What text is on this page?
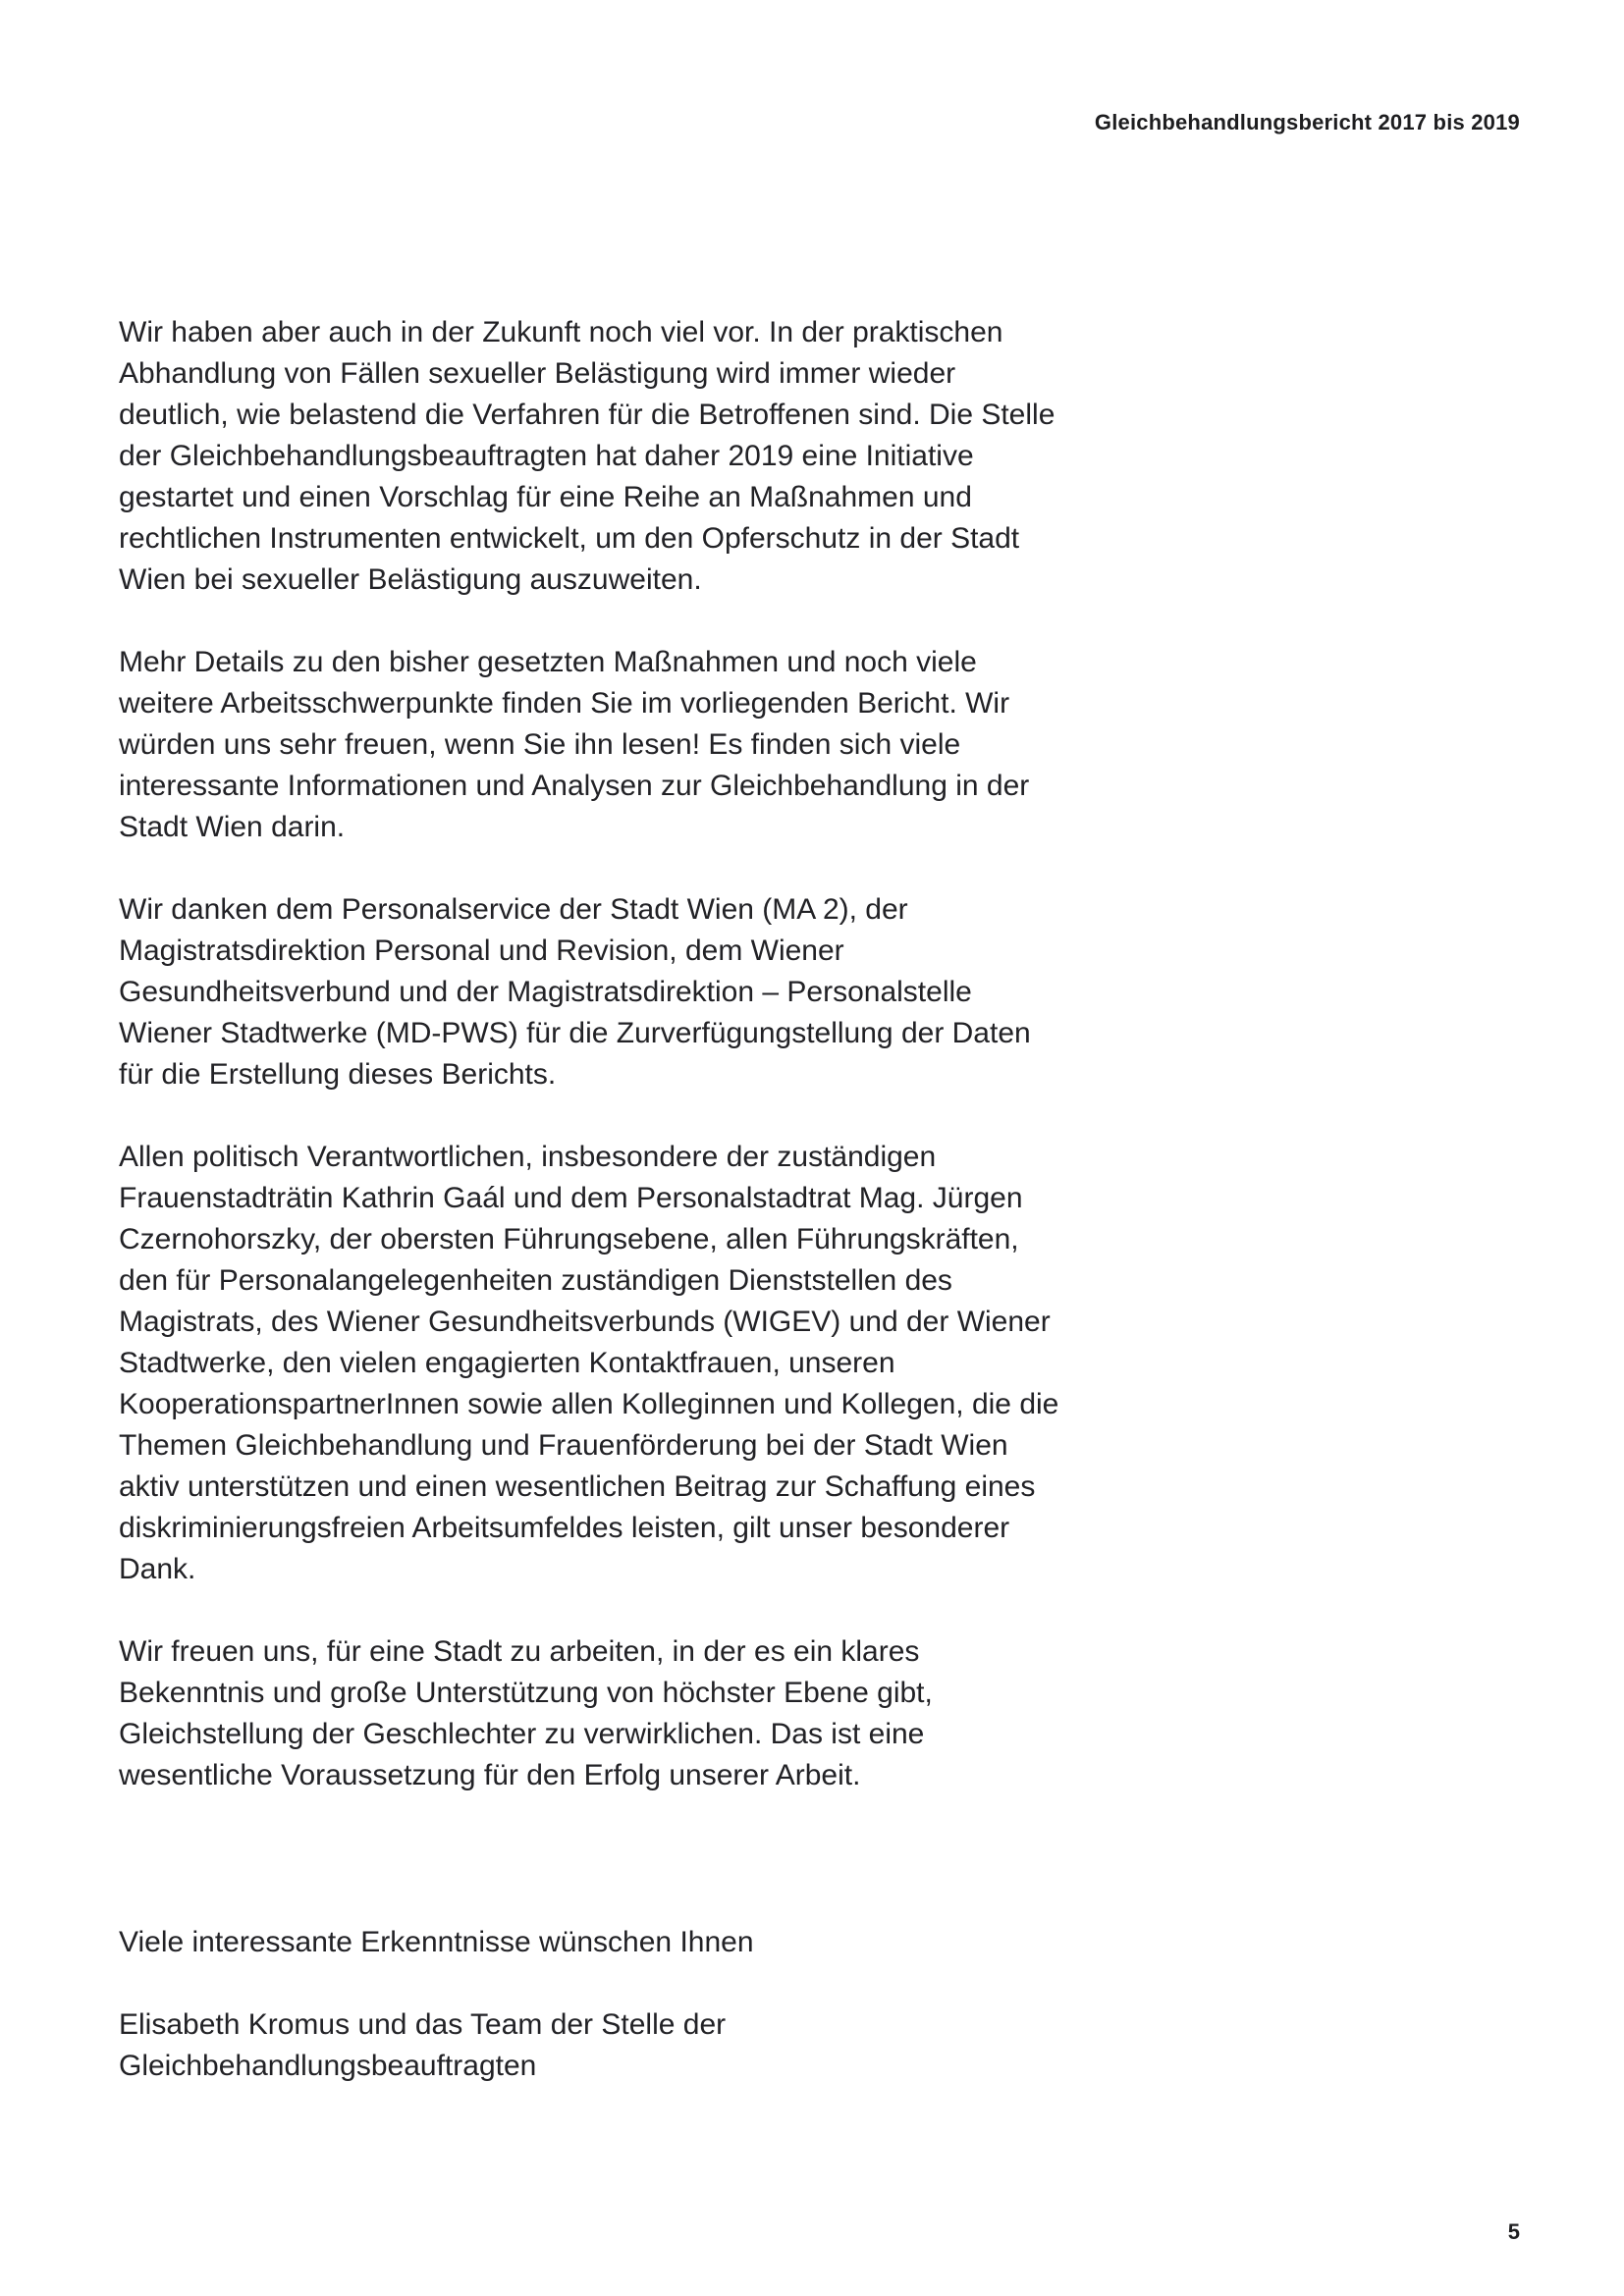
Gleichbehandlungsbericht 2017 bis 2019

Wir haben aber auch in der Zukunft noch viel vor. In der praktischen Abhandlung von Fällen sexueller Belästigung wird immer wieder deutlich, wie belastend die Verfahren für die Betroffenen sind. Die Stelle der Gleichbehandlungsbeauftragten hat daher 2019 eine Initiative gestartet und einen Vorschlag für eine Reihe an Maßnahmen und rechtlichen Instrumenten entwickelt, um den Opferschutz in der Stadt Wien bei sexueller Belästigung auszuweiten.

Mehr Details zu den bisher gesetzten Maßnahmen und noch viele weitere Arbeitsschwerpunkte finden Sie im vorliegenden Bericht. Wir würden uns sehr freuen, wenn Sie ihn lesen! Es finden sich viele interessante Informationen und Analysen zur Gleichbehandlung in der Stadt Wien darin.

Wir danken dem Personalservice der Stadt Wien (MA 2), der Magistratsdirektion Personal und Revision, dem Wiener Gesundheitsverbund und der Magistratsdirektion – Personalstelle Wiener Stadtwerke (MD-PWS) für die Zurverfügungstellung der Daten für die Erstellung dieses Berichts.

Allen politisch Verantwortlichen, insbesondere der zuständigen Frauenstadträtin Kathrin Gaál und dem Personalstadtrat Mag. Jürgen Czernohorszky, der obersten Führungsebene, allen Führungskräften, den für Personalangelegenheiten zuständigen Dienststellen des Magistrats, des Wiener Gesundheitsverbunds (WIGEV) und der Wiener Stadtwerke, den vielen engagierten Kontaktfrauen, unseren KooperationspartnerInnen sowie allen Kolleginnen und Kollegen, die die Themen Gleichbehandlung und Frauenförderung bei der Stadt Wien aktiv unterstützen und einen wesentlichen Beitrag zur Schaffung eines diskriminierungsfreien Arbeitsumfeldes leisten, gilt unser besonderer Dank.

Wir freuen uns, für eine Stadt zu arbeiten, in der es ein klares Bekenntnis und große Unterstützung von höchster Ebene gibt, Gleichstellung der Geschlechter zu verwirklichen. Das ist eine wesentliche Voraussetzung für den Erfolg unserer Arbeit.

Viele interessante Erkenntnisse wünschen Ihnen

Elisabeth Kromus und das Team der Stelle der Gleichbehandlungsbeauftragten

5
